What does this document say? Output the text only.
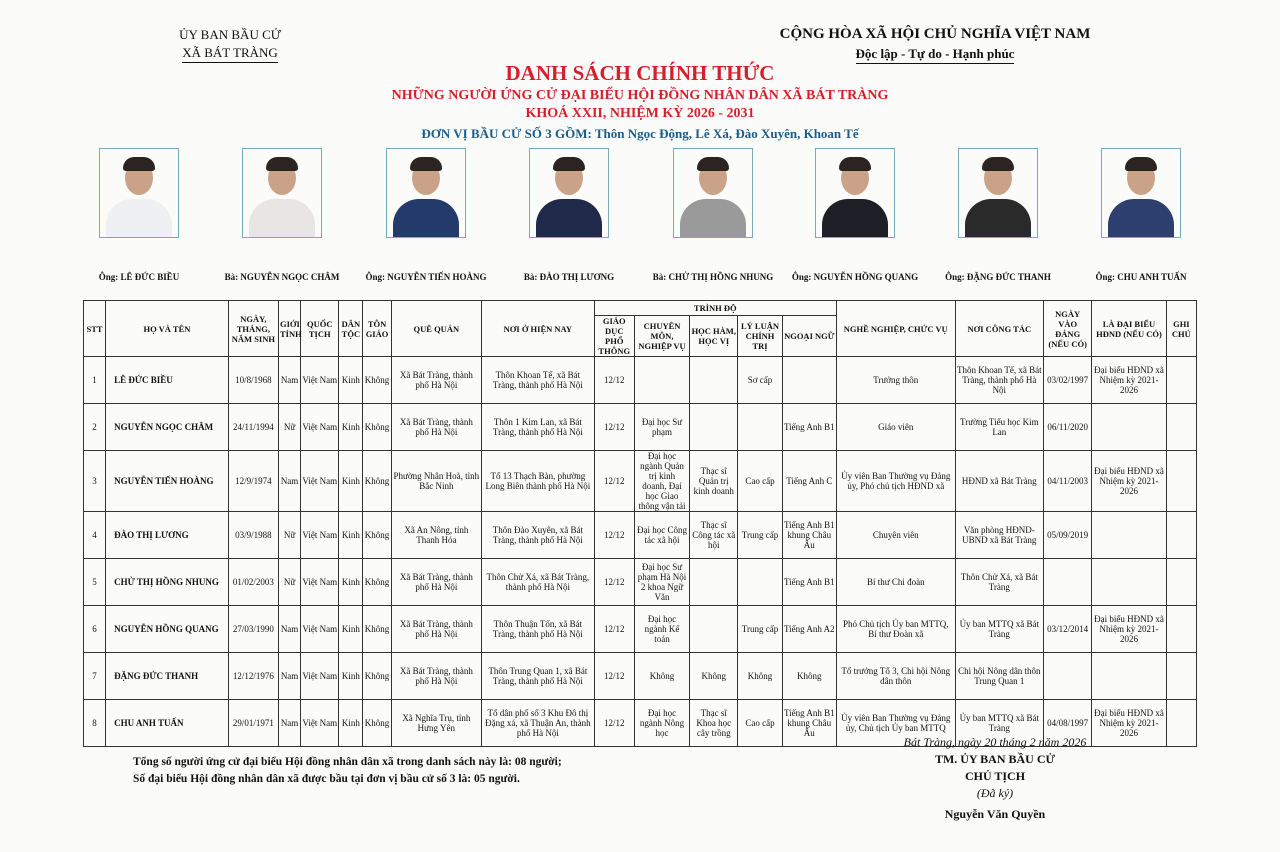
ỦY BAN BẦU CỬ
XÃ BÁT TRÀNG
CỘNG HÒA XÃ HỘI CHỦ NGHĨA VIỆT NAM
Độc lập - Tự do - Hạnh phúc
DANH SÁCH CHÍNH THỨC
NHỮNG NGƯỜI ỨNG CỬ ĐẠI BIỂU HỘI ĐỒNG NHÂN DÂN XÃ BÁT TRÀNG
KHOÁ XXII, NHIỆM KỲ 2026 - 2031
ĐƠN VỊ BẦU CỬ SỐ 3 GỒM: Thôn Ngọc Động, Lê Xá, Đào Xuyên, Khoan Tế
Ông: LÊ ĐỨC BIỀU	Bà: NGUYỄN NGỌC CHÂM	Ông: NGUYỄN TIẾN HOÀNG	Bà: ĐÀO THỊ LƯƠNG	Bà: CHỬ THỊ HỒNG NHUNG	Ông: NGUYỄN HỒNG QUANG	Ông: ĐẶNG ĐỨC THANH	Ông: CHU ANH TUẤN
STT	HỌ VÀ TÊN	NGÀY, THÁNG, NĂM SINH	GIỚI TÍNH	QUỐC TỊCH	DÂN TỘC	TÔN GIÁO	QUÊ QUÁN	NƠI Ở HIỆN NAY	TRÌNH ĐỘ					NGHỀ NGHIỆP, CHỨC VỤ	NƠI CÔNG TÁC	NGÀY VÀO ĐẢNG (NẾU CÓ)	LÀ ĐẠI BIỂU HĐND (NẾU CÓ)	GHI CHÚ
									GIÁO DỤC PHỔ THÔNG	CHUYÊN MÔN, NGHIỆP VỤ	HỌC HÀM, HỌC VỊ	LÝ LUẬN CHÍNH TRỊ	NGOẠI NGỮ					
1	LÊ ĐỨC BIỀU	10/8/1968	Nam	Việt Nam	Kinh	Không	Xã Bát Tràng, thành phố Hà Nội	Thôn Khoan Tế, xã Bát Tràng, thành phố Hà Nội	12/12			Sơ cấp		Trưởng thôn	Thôn Khoan Tế, xã Bát Tràng, thành phố Hà Nội	03/02/1997	Đại biểu HĐND xã Nhiệm kỳ 2021-2026	
2	NGUYỄN NGỌC CHÂM	24/11/1994	Nữ	Việt Nam	Kinh	Không	Xã Bát Tràng, thành phố Hà Nội	Thôn 1 Kim Lan, xã Bát Tràng, thành phố Hà Nội	12/12	Đại học Sư phạm			Tiếng Anh B1	Giáo viên	Trường Tiểu học Kim Lan	06/11/2020		
3	NGUYỄN TIẾN HOÀNG	12/9/1974	Nam	Việt Nam	Kinh	Không	Phường Nhân Hoà, tỉnh Bắc Ninh	Tổ 13 Thạch Bàn, phường Long Biên thành phố Hà Nội	12/12	Đại học ngành Quản trị kinh doanh, Đại học Giao thông vận tải	Thạc sĩ Quản trị kinh doanh	Cao cấp	Tiếng Anh C	Ủy viên Ban Thường vụ Đảng ủy, Phó chủ tịch HĐND xã	HĐND xã Bát Tràng	04/11/2003	Đại biểu HĐND xã Nhiệm kỳ 2021-2026	
4	ĐÀO THỊ LƯƠNG	03/9/1988	Nữ	Việt Nam	Kinh	Không	Xã An Nông, tỉnh Thanh Hóa	Thôn Đào Xuyên, xã Bát Tràng, thành phố Hà Nội	12/12	Đại học Công tác xã hội	Thạc sĩ Công tác xã hội	Trung cấp	Tiếng Anh B1 khung Châu Âu	Chuyên viên	Văn phòng HĐND-UBND xã Bát Tràng	05/09/2019		
5	CHỬ THỊ HỒNG NHUNG	01/02/2003	Nữ	Việt Nam	Kinh	Không	Xã Bát Tràng, thành phố Hà Nội	Thôn Chử Xá, xã Bát Tràng, thành phố Hà Nội	12/12	Đại học Sư phạm Hà Nội 2 khoa Ngữ Văn			Tiếng Anh B1	Bí thư Chi đoàn	Thôn Chử Xá, xã Bát Tràng			
6	NGUYỄN HỒNG QUANG	27/03/1990	Nam	Việt Nam	Kinh	Không	Xã Bát Tràng, thành phố Hà Nội	Thôn Thuận Tốn, xã Bát Tràng, thành phố Hà Nội	12/12	Đại học ngành Kế toán		Trung cấp	Tiếng Anh A2	Phó Chủ tịch Ủy ban MTTQ, Bí thư Đoàn xã	Ủy ban MTTQ xã Bát Tràng	03/12/2014	Đại biểu HĐND xã Nhiệm kỳ 2021-2026	
7	ĐẶNG ĐỨC THANH	12/12/1976	Nam	Việt Nam	Kinh	Không	Xã Bát Tràng, thành phố Hà Nội	Thôn Trung Quan 1, xã Bát Tràng, thành phố Hà Nội	12/12	Không	Không	Không	Không	Tổ trưởng Tổ 3, Chi hội Nông dân thôn	Chi hội Nông dân thôn Trung Quan 1			
8	CHU ANH TUẤN	29/01/1971	Nam	Việt Nam	Kinh	Không	Xã Nghĩa Trụ, tỉnh Hưng Yên	Tổ dân phố số 3 Khu Đô thị Đặng xá, xã Thuận An, thành phố Hà Nội	12/12	Đại học ngành Nông học	Thạc sĩ Khoa học cây trồng	Cao cấp	Tiếng Anh B1 khung Châu Âu	Ủy viên Ban Thường vụ Đảng ủy, Chủ tịch Ủy ban MTTQ	Ủy ban MTTQ xã Bát Tràng	04/08/1997	Đại biểu HĐND xã Nhiệm kỳ 2021-2026	
Tổng số người ứng cử đại biểu Hội đồng nhân dân xã trong danh sách này là: 08 người;
Số đại biểu Hội đồng nhân dân xã được bầu tại đơn vị bầu cử số 3 là: 05 người.
Bát Tràng, ngày 20 tháng 2 năm 2026
TM. ỦY BAN BẦU CỬ
CHỦ TỊCH
(Đã ký)
Nguyễn Văn Quyền
